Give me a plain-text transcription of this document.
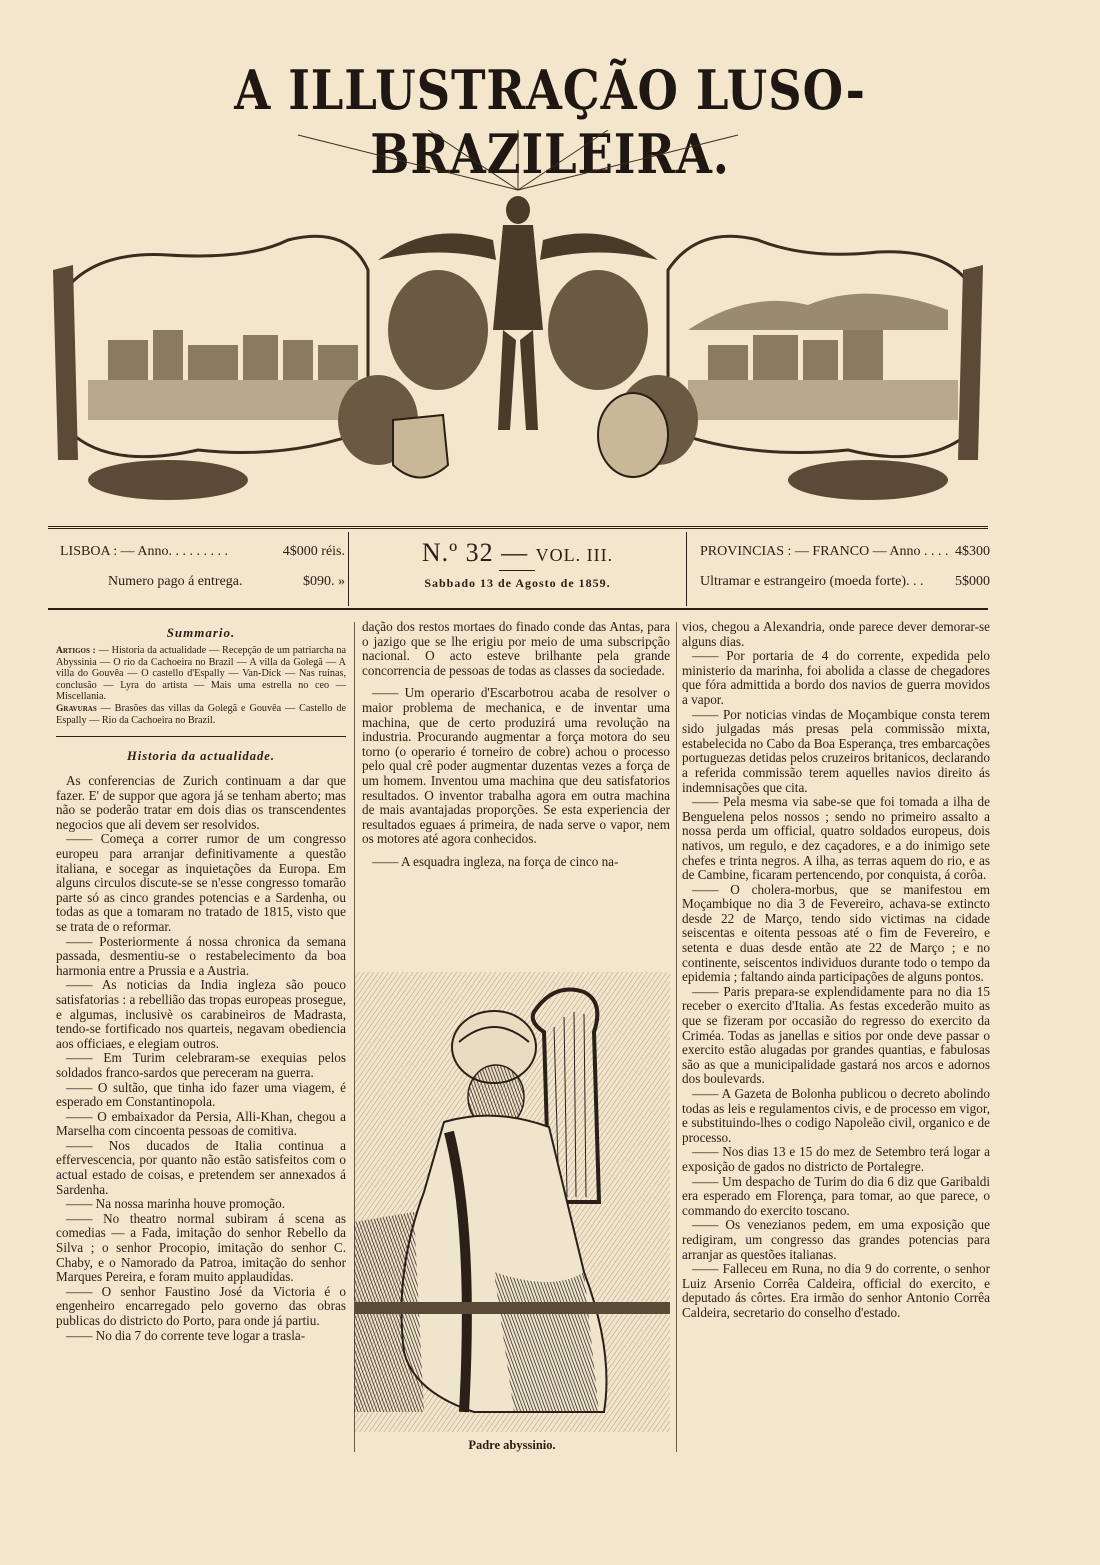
A ILLUSTRAÇÃO LUSO-BRAZILEIRA.
LISBOA : — Anno. . . . . . . . .	4$000 réis.
Numero pago á entrega.	$090. »
N.º 32 — VOL. III.
Sabbado 13 de Agosto de 1859.
PROVINCIAS : — FRANCO — Anno . . . . 4$300
Ultramar e estrangeiro (moeda forte). . . 5$000
Summario.
Artigos : — Historia da actualidade — Recepção de um patriarcha na Abyssinia — O rio da Cachoeira no Brazil — A villa da Golegã — A villa do Gouvêa — O castello d'Espally — Van-Dick — Nas ruinas, conclusão — Lyra do artista — Mais uma estrella no ceo — Miscellania.
Gravuras — Brasões das villas da Golegã e Gouvêa — Castello de Espally — Rio da Cachoeira no Brazil.
Historia da actualidade.

As conferencias de Zurich continuam a dar que fazer. E' de suppor que agora já se tenham aberto; mas não se poderão tratar em dois dias os transcendentes negocios que ali devem ser resolvidos.

—— Começa a correr rumor de um congresso europeu para arranjar definitivamente a questão italiana, e socegar as inquietações da Europa. Em alguns circulos discute-se se n'esse congresso tomarão parte só as cinco grandes potencias e a Sardenha, ou todas as que a tomaram no tratado de 1815, visto que se trata de o reformar.

—— Posteriormente á nossa chronica da semana passada, desmentiu-se o restabelecimento da boa harmonia entre a Prussia e a Austria.

—— As noticias da India ingleza são pouco satisfatorias : a rebellião das tropas europeas prosegue, e algumas, inclusivè os carabineiros de Madrasta, tendo-se fortificado nos quarteis, negavam obediencia aos officiaes, e elegiam outros.

—— Em Turim celebraram-se exequias pelos soldados franco-sardos que pereceram na guerra.

—— O sultão, que tinha ido fazer uma viagem, é esperado em Constantinopola.

—— O embaixador da Persia, Alli-Khan, chegou a Marselha com cincoenta pessoas de comitiva.

—— Nos ducados de Italia continua a effervescencia, por quanto não estão satisfeitos com o actual estado de coisas, e pretendem ser annexados á Sardenha.

—— Na nossa marinha houve promoção.

—— No theatro normal subiram á scena as comedias — a Fada, imitação do senhor Rebello da Silva ; o senhor Procopio, imitação do senhor C. Chaby, e o Namorado da Patroa, imitação do senhor Marques Pereira, e foram muito applaudidas.

—— O senhor Faustino José da Victoria é o engenheiro encarregado pelo governo das obras publicas do districto do Porto, para onde já partiu.

—— No dia 7 do corrente teve logar a trasla-

dação dos restos mortaes do finado conde das Antas, para o jazigo que se lhe erigiu por meio de uma subscripção nacional. O acto esteve brilhante pela grande concorrencia de pessoas de todas as classes da sociedade.

—— Um operario d'Escarbotrou acaba de resolver o maior problema de mechanica, e de inventar uma machina, que de certo produzirá uma revolução na industria. Procurando augmentar a força motora do seu torno (o operario é torneiro de cobre) achou o processo pelo qual crê poder augmentar duzentas vezes a força de um homem. Inventou uma machina que deu satisfatorios resultados. O inventor trabalha agora em outra machina de mais avantajadas proporções. Se esta experiencia der resultados eguaes á primeira, de nada serve o vapor, nem os motores até agora conhecidos.

—— A esquadra ingleza, na força de cinco na-

Padre abyssinio.

vios, chegou a Alexandria, onde parece dever demorar-se alguns dias.

—— Por portaria de 4 do corrente, expedida pelo ministerio da marinha, foi abolida a classe de chegadores que fóra admittida a bordo dos navios de guerra movidos a vapor.

—— Por noticias vindas de Moçambique consta terem sido julgadas más presas pela commissão mixta, estabelecida no Cabo da Boa Esperança, tres embarcações portuguezas detidas pelos cruzeiros britanicos, declarando a referida commissão terem aquelles navios direito ás indemnisações que cita.

—— Pela mesma via sabe-se que foi tomada a ilha de Benguelena pelos nossos ; sendo no primeiro assalto a nossa perda um official, quatro soldados europeus, dois nativos, um regulo, e dez caçadores, e a do inimigo sete chefes e trinta negros. A ilha, as terras aquem do rio, e as de Cambine, ficaram pertencendo, por conquista, á corôa.

—— O cholera-morbus, que se manifestou em Moçambique no dia 3 de Fevereiro, achava-se extincto desde 22 de Março, tendo sido victimas na cidade seiscentas e oitenta pessoas até o fim de Fevereiro, e setenta e duas desde então ate 22 de Março ; e no continente, seiscentos individuos durante todo o tempo da epidemia ; faltando ainda participações de alguns pontos.

—— Paris prepara-se explendidamente para no dia 15 receber o exercito d'Italia. As festas excederão muito as que se fizeram por occasião do regresso do exercito da Criméa. Todas as janellas e sitios por onde deve passar o exercito estão alugadas por grandes quantias, e fabulosas são as que a municipalidade gastará nos arcos e adornos dos boulevards.

—— A Gazeta de Bolonha publicou o decreto abolindo todas as leis e regulamentos civis, e de processo em vigor, e substituindo-lhes o codigo Napoleão civil, organico e de processo.

—— Nos dias 13 e 15 do mez de Setembro terá logar a exposição de gados no districto de Portalegre.

—— Um despacho de Turim do dia 6 diz que Garibaldi era esperado em Florença, para tomar, ao que parece, o commando do exercito toscano.

—— Os venezianos pedem, em uma exposição que redigiram, um congresso das grandes potencias para arranjar as questões italianas.

—— Falleceu em Runa, no dia 9 do corrente, o senhor Luiz Arsenio Corrêa Caldeira, official do exercito, e deputado ás côrtes. Era irmão do senhor Antonio Corrêa Caldeira, secretario do conselho d'estado.
